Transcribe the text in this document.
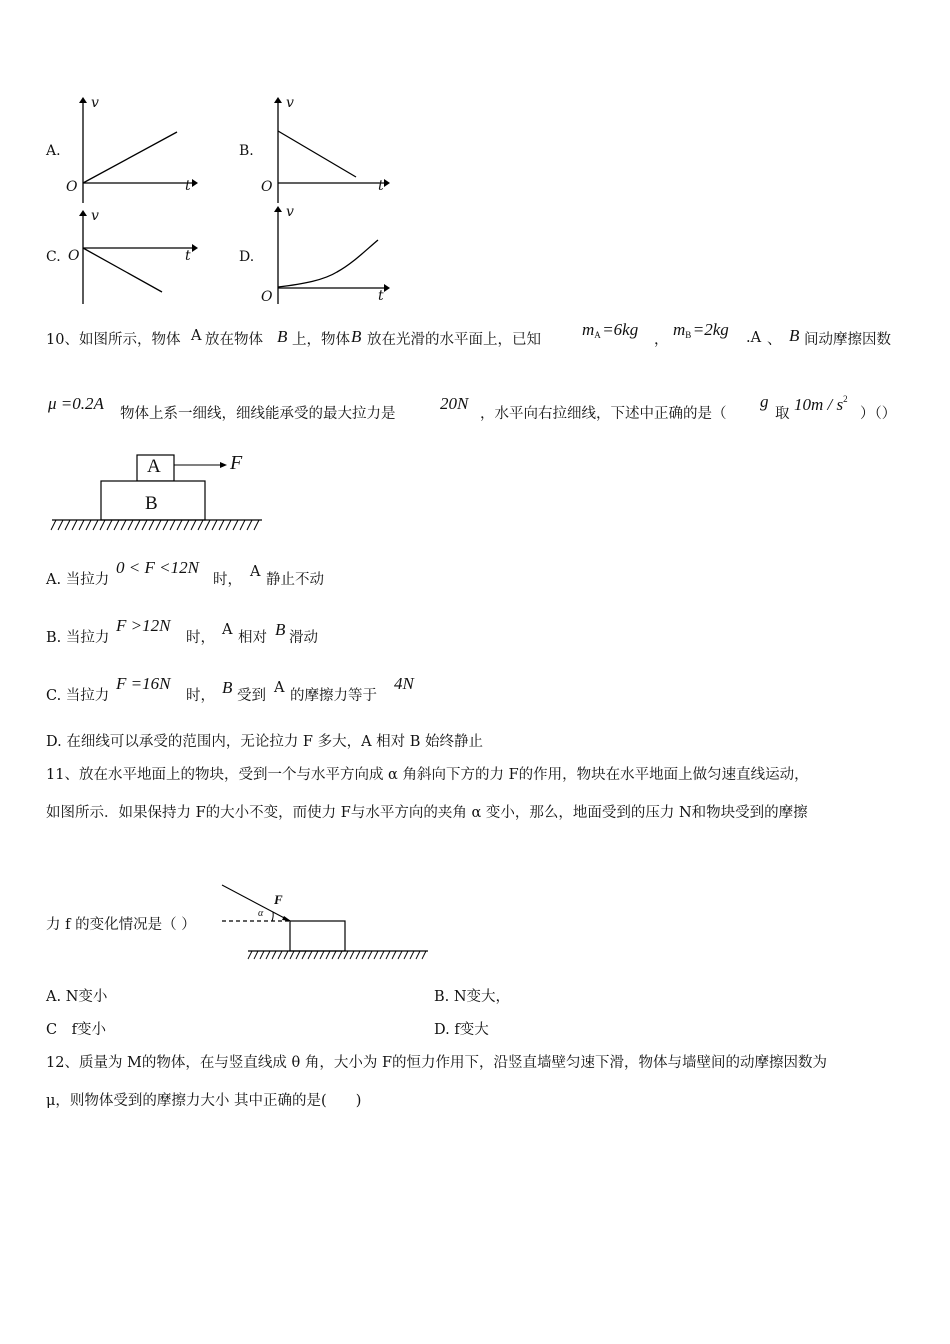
A.
v
t
O
B.
v
t
O
C.
v
t
O	D.
v
t
O
10、如图所示，物体 A 放在物体 B 上，物体 B 放在光滑的水平面上，已知
$m_A$ =6kg
，
$m_B$ =2kg .A 、 B 间动摩擦因数
μ =0.2A
物体上系一细线，细线能承受的最大拉力是
20N
，水平向右拉细线，下述中正确的是（
g
取 $10m / s^2$
）（）
A
B
F
A. 当拉力
0 < F <12N
时， A 静止不动
B. 当拉力
F >12N
时， A 相对 B 滑动
C. 当拉力
F =16N
时， B 受到 A 的摩擦力等于
4N
D. 在细线可以承受的范围内，无论拉力 F 多大，A 相对 B 始终静止
11、放在水平地面上的物块，受到一个与水平方向成 α 角斜向下方的力 F的作用，物块在水平地面上做匀速直线运动，
如图所示．如果保持力 F的大小不变，而使力 F与水平方向的夹角 α 变小，那么，地面受到的压力 N和物块受到的摩擦
力 f 的变化情况是（ ）
F
α
A. N变小	B. N变大，
C　f变小	D. f变大
12、质量为 M的物体，在与竖直线成 θ 角，大小为 F的恒力作用下，沿竖直墙壁匀速下滑，物体与墙壁间的动摩擦因数为
μ，则物体受到的摩擦力大小 其中正确的是(　　)
